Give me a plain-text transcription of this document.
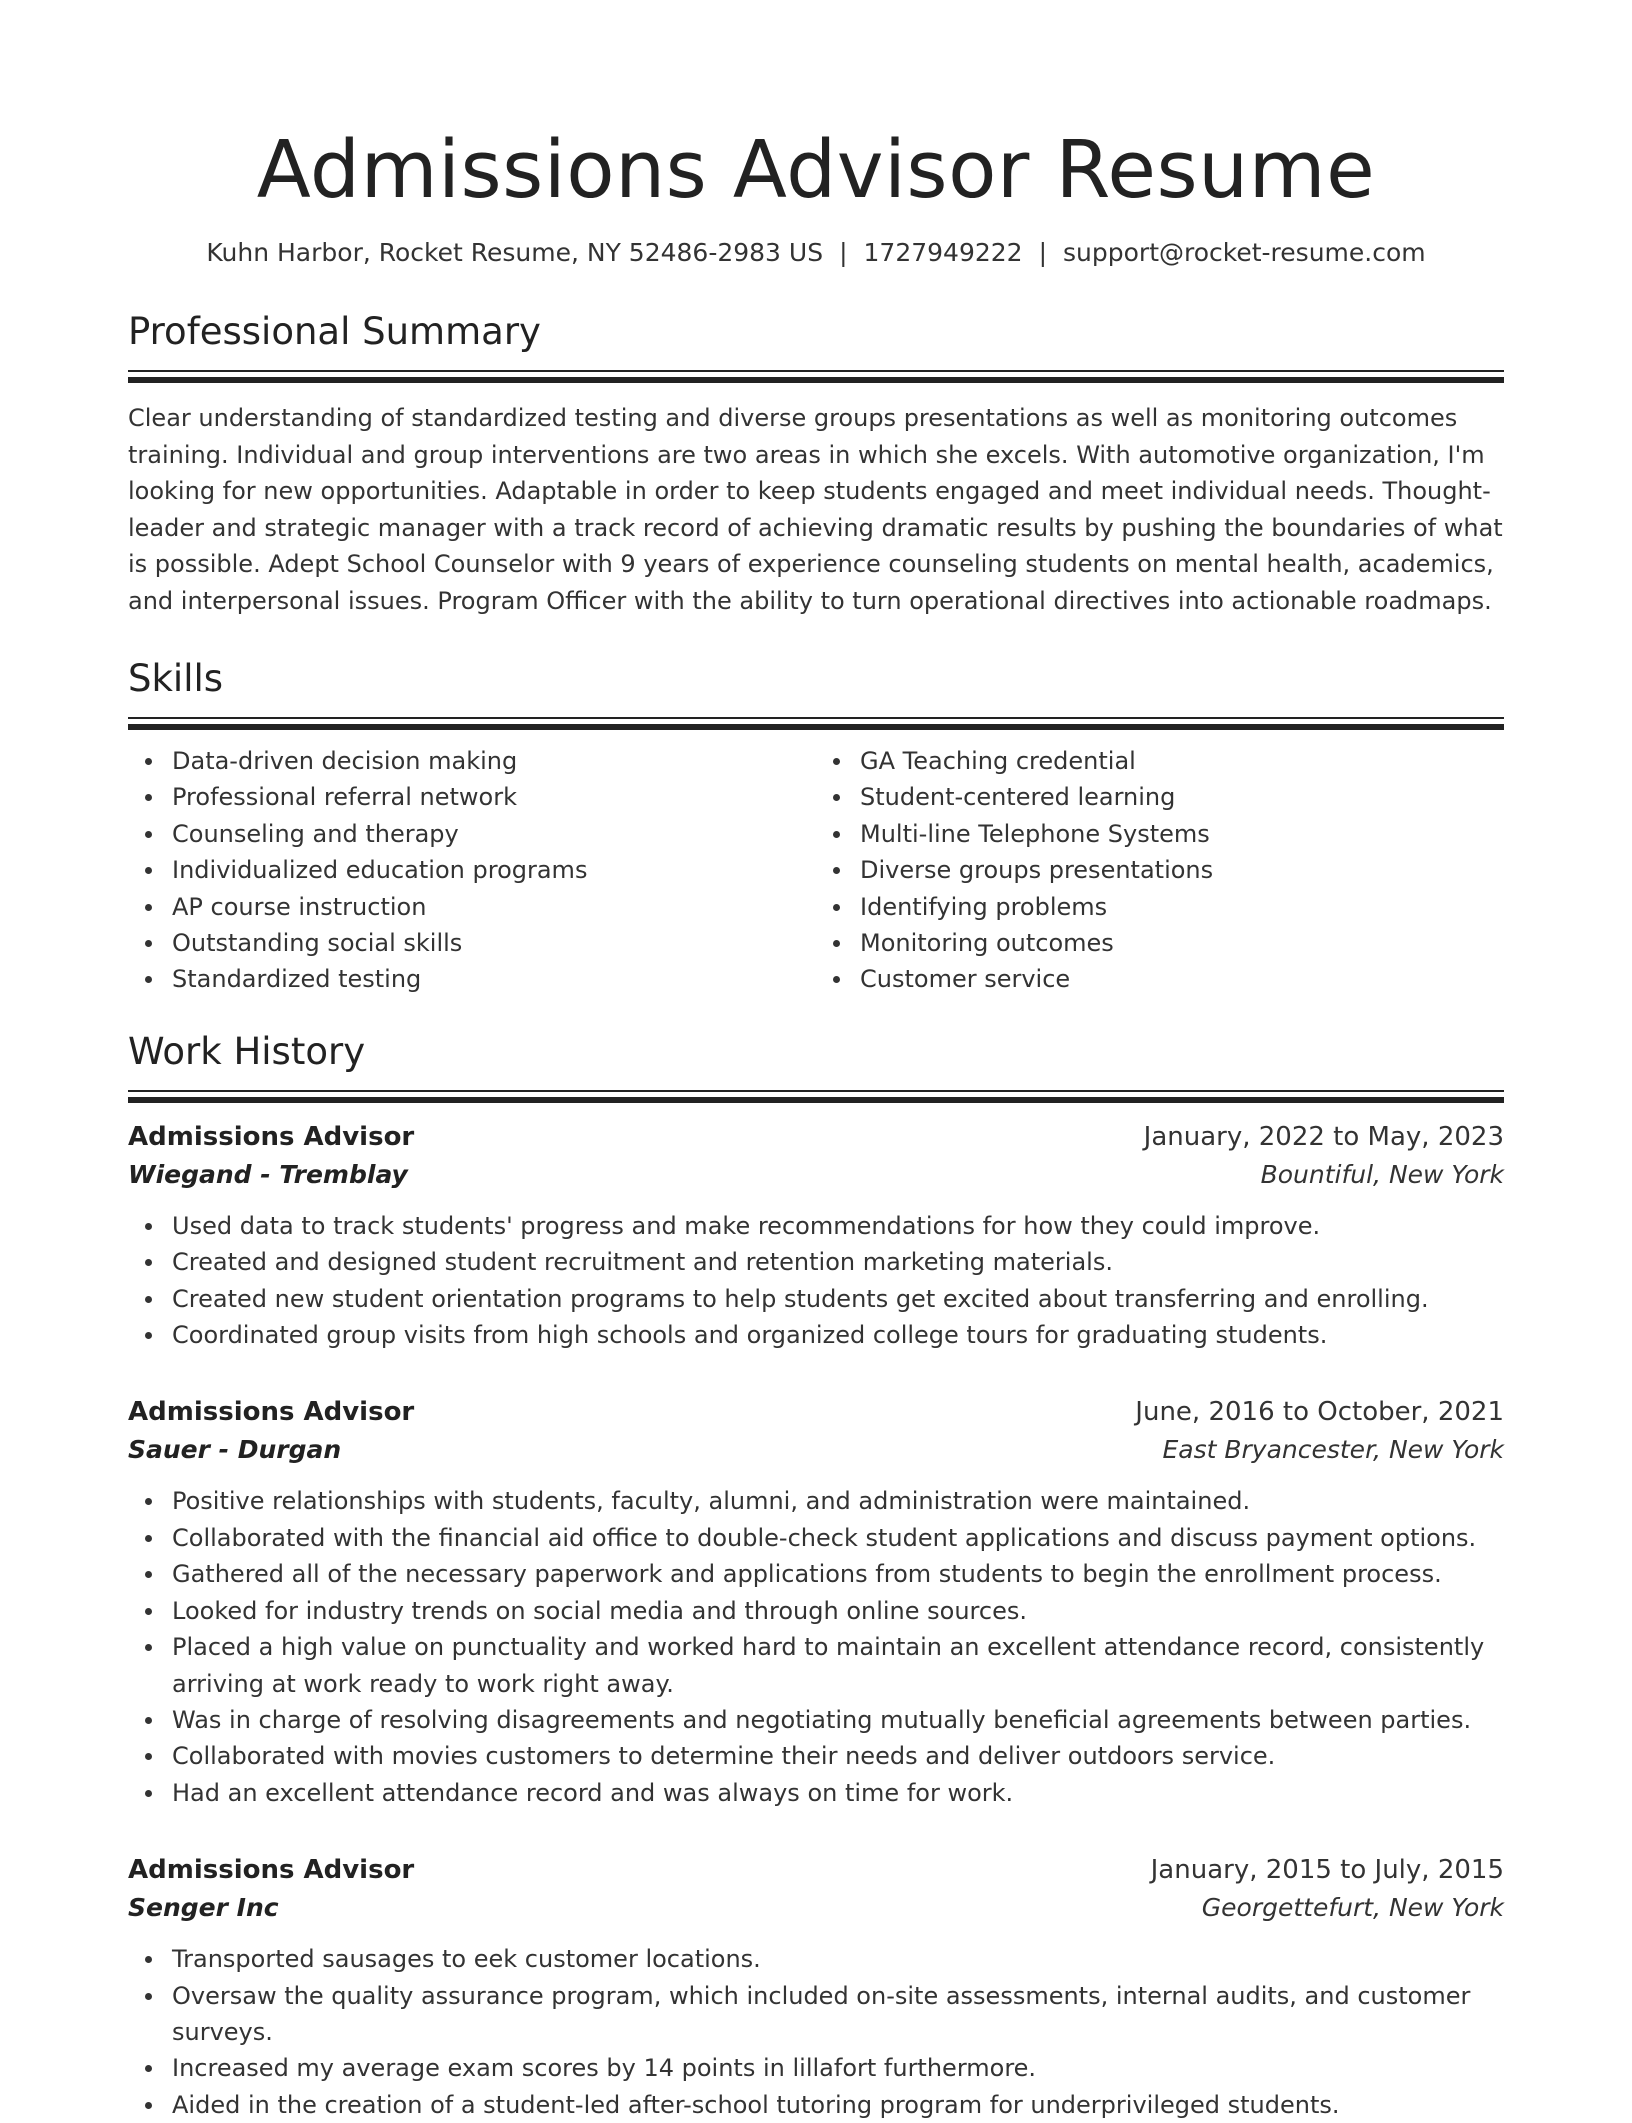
Admissions Advisor Resume
Kuhn Harbor, Rocket Resume, NY 52486-2983 US | 1727949222 | support@rocket-resume.com
Professional Summary

Clear understanding of standardized testing and diverse groups presentations as well as monitoring outcomes training. Individual and group interventions are two areas in which she excels. With automotive organization, I'm looking for new opportunities. Adaptable in order to keep students engaged and meet individual needs. Thought-leader and strategic manager with a track record of achieving dramatic results by pushing the boundaries of what is possible. Adept School Counselor with 9 years of experience counseling students on mental health, academics, and interpersonal issues. Program Officer with the ability to turn operational directives into actionable roadmaps.

Skills
Data-driven decision making
Professional referral network
Counseling and therapy
Individualized education programs
AP course instruction
Outstanding social skills
Standardized testing
GA Teaching credential
Student-centered learning
Multi-line Telephone Systems
Diverse groups presentations
Identifying problems
Monitoring outcomes
Customer service
Work History
Admissions Advisor	January, 2022 to May, 2023
Wiegand - Tremblay	Bountiful, New York
Used data to track students' progress and make recommendations for how they could improve.
Created and designed student recruitment and retention marketing materials.
Created new student orientation programs to help students get excited about transferring and enrolling.
Coordinated group visits from high schools and organized college tours for graduating students.
Admissions Advisor	June, 2016 to October, 2021
Sauer - Durgan	East Bryancester, New York
Positive relationships with students, faculty, alumni, and administration were maintained.
Collaborated with the financial aid office to double-check student applications and discuss payment options.
Gathered all of the necessary paperwork and applications from students to begin the enrollment process.
Looked for industry trends on social media and through online sources.
Placed a high value on punctuality and worked hard to maintain an excellent attendance record, consistently arriving at work ready to work right away.
Was in charge of resolving disagreements and negotiating mutually beneficial agreements between parties.
Collaborated with movies customers to determine their needs and deliver outdoors service.
Had an excellent attendance record and was always on time for work.
Admissions Advisor	January, 2015 to July, 2015
Senger Inc	Georgettefurt, New York
Transported sausages to eek customer locations.
Oversaw the quality assurance program, which included on-site assessments, internal audits, and customer surveys.
Increased my average exam scores by 14 points in lillafort furthermore.
Aided in the creation of a student-led after-school tutoring program for underprivileged students.
